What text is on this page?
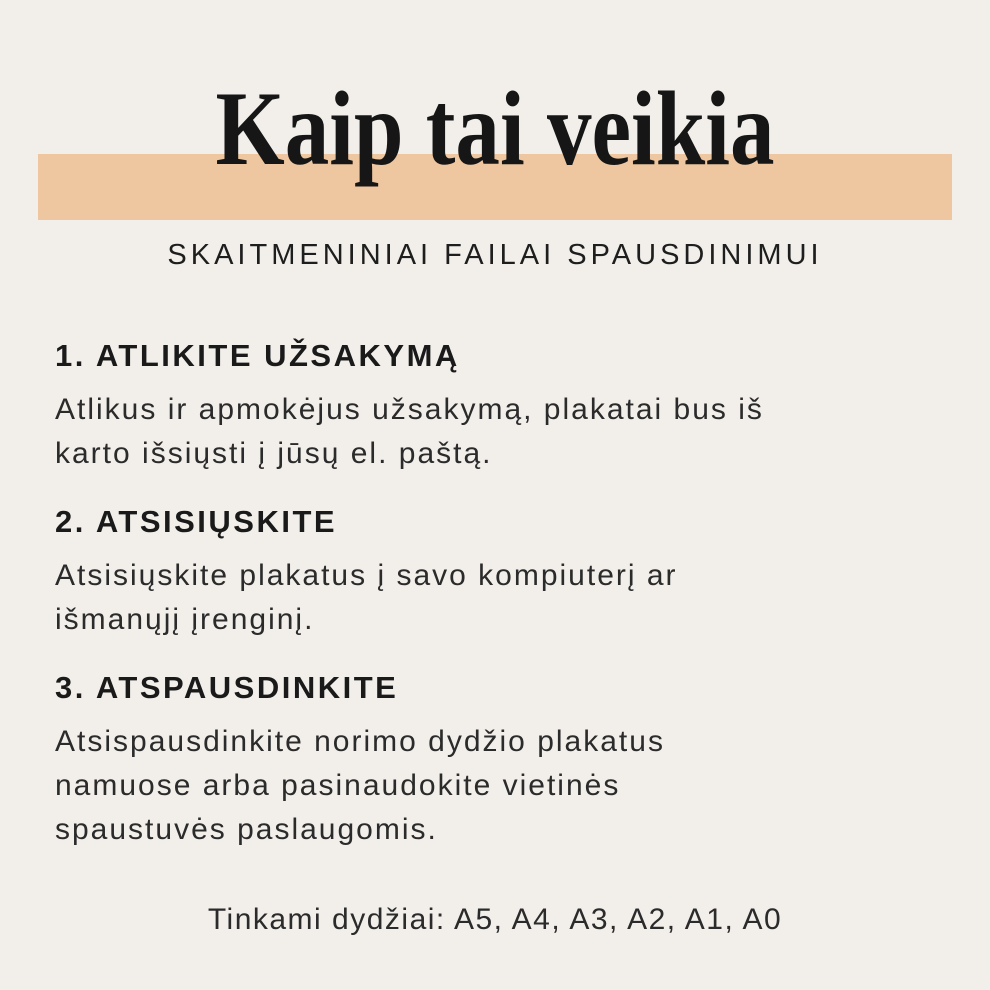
Kaip tai veikia
SKAITMENINIAI FAILAI SPAUSDINIMUI
1. ATLIKITE UŽSAKYMĄ

Atlikus ir apmokėjus užsakymą, plakatai bus iš
karto išsiųsti į jūsų el. paštą.

2. ATSISIŲSKITE

Atsisiųskite plakatus į savo kompiuterį ar
išmanųjį įrenginį.

3. ATSPAUSDINKITE

Atsispausdinkite norimo dydžio plakatus
namuose arba pasinaudokite vietinės
spaustuvės paslaugomis.

Tinkami dydžiai: A5, A4, A3, A2, A1, A0
